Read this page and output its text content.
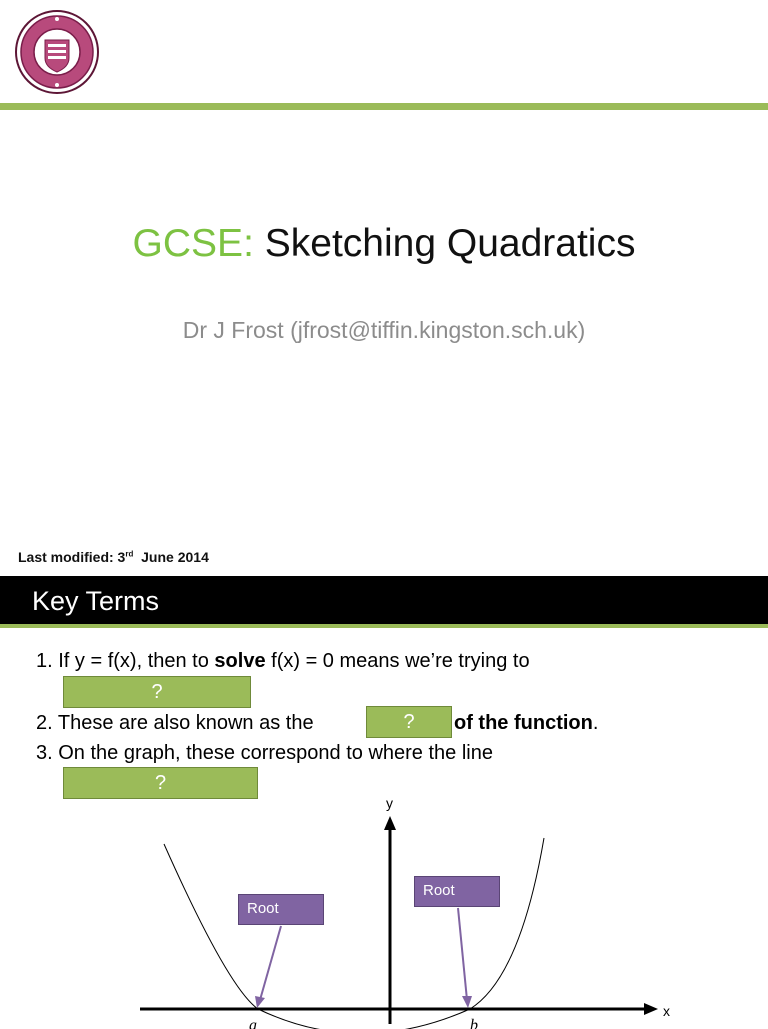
GCSE: Sketching Quadratics
Dr J Frost (jfrost@tiffin.kingston.sch.uk)
Last modified: 3rd  June 2014
Key Terms
1. If y = f(x), then to solve f(x) = 0 means we’re trying to
?
2. These are also known as the	of the function.
?
3. On the graph, these correspond to where the line
?
y
x
a	b
Root
Root
